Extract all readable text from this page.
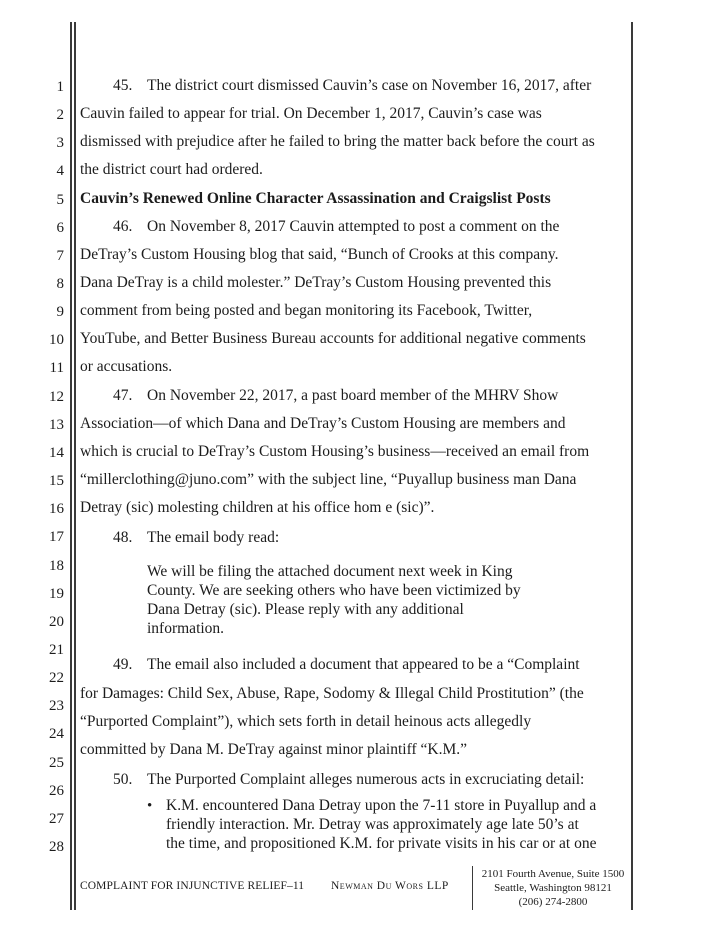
1
2
3
4
5
6
7
8
9
10
11
12
13
14
15
16
17
18
19
20
21
22
23
24
25
26
27
28
45. The district court dismissed Cauvin’s case on November 16, 2017, after
Cauvin failed to appear for trial. On December 1, 2017, Cauvin’s case was
dismissed with prejudice after he failed to bring the matter back before the court as
the district court had ordered.
Cauvin’s Renewed Online Character Assassination and Craigslist Posts
46. On November 8, 2017 Cauvin attempted to post a comment on the
DeTray’s Custom Housing blog that said, “Bunch of Crooks at this company.
Dana DeTray is a child molester.” DeTray’s Custom Housing prevented this
comment from being posted and began monitoring its Facebook, Twitter,
YouTube, and Better Business Bureau accounts for additional negative comments
or accusations.
47. On November 22, 2017, a past board member of the MHRV Show
Association—of which Dana and DeTray’s Custom Housing are members and
which is crucial to DeTray’s Custom Housing’s business—received an email from
“millerclothing@juno.com” with the subject line, “Puyallup business man Dana
Detray (sic) molesting children at his office hom e (sic)”.
48. The email body read:
We will be filing the attached document next week in King
County. We are seeking others who have been victimized by
Dana Detray (sic). Please reply with any additional
information.
49. The email also included a document that appeared to be a “Complaint
for Damages: Child Sex, Abuse, Rape, Sodomy & Illegal Child Prostitution” (the
“Purported Complaint”), which sets forth in detail heinous acts allegedly
committed by Dana M. DeTray against minor plaintiff “K.M.”
50. The Purported Complaint alleges numerous acts in excruciating detail:
• K.M. encountered Dana Detray upon the 7-11 store in Puyallup and a
friendly interaction. Mr. Detray was approximately age late 50’s at
the time, and propositioned K.M. for private visits in his car or at one
COMPLAINT FOR INJUNCTIVE RELIEF–11 Newman Du Wors LLP
2101 Fourth Avenue, Suite 1500
Seattle, Washington 98121
(206) 274-2800
